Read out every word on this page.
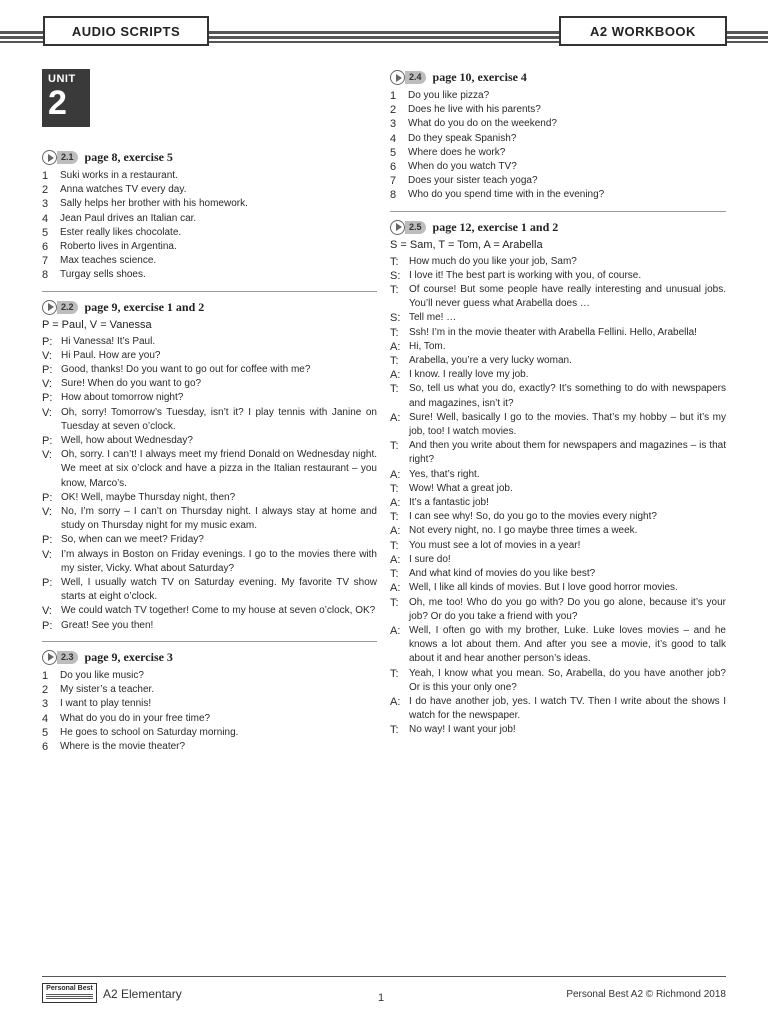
AUDIO SCRIPTS	A2 WORKBOOK
UNIT
2
2.1 page 8, exercise 5
1	Suki works in a restaurant.
2	Anna watches TV every day.
3	Sally helps her brother with his homework.
4	Jean Paul drives an Italian car.
5	Ester really likes chocolate.
6	Roberto lives in Argentina.
7	Max teaches science.
8	Turgay sells shoes.
2.2 page 9, exercise 1 and 2
P = Paul, V = Vanessa
P: Hi Vanessa! It’s Paul.
V: Hi Paul. How are you?
P: Good, thanks! Do you want to go out for coffee with me?
V: Sure! When do you want to go?
P: How about tomorrow night?
V: Oh, sorry! Tomorrow’s Tuesday, isn’t it? I play tennis with Janine on Tuesday at seven o’clock.
P: Well, how about Wednesday?
V: Oh, sorry. I can’t! I always meet my friend Donald on Wednesday night. We meet at six o’clock and have a pizza in the Italian restaurant – you know, Marco’s.
P: OK! Well, maybe Thursday night, then?
V: No, I’m sorry – I can’t on Thursday night. I always stay at home and study on Thursday night for my music exam.
P: So, when can we meet? Friday?
V: I’m always in Boston on Friday evenings. I go to the movies there with my sister, Vicky. What about Saturday?
P: Well, I usually watch TV on Saturday evening. My favorite TV show starts at eight o’clock.
V: We could watch TV together! Come to my house at seven o’clock, OK?
P: Great! See you then!
2.3 page 9, exercise 3
1	Do you like music?
2	My sister’s a teacher.
3	I want to play tennis!
4	What do you do in your free time?
5	He goes to school on Saturday morning.
6	Where is the movie theater?
2.4 page 10, exercise 4
1	Do you like pizza?
2	Does he live with his parents?
3	What do you do on the weekend?
4	Do they speak Spanish?
5	Where does he work?
6	When do you watch TV?
7	Does your sister teach yoga?
8	Who do you spend time with in the evening?
2.5 page 12, exercise 1 and 2
S = Sam, T = Tom, A = Arabella
T:	How much do you like your job, Sam?
S: I love it! The best part is working with you, of course.
T:	Of course! But some people have really interesting and unusual jobs. You’ll never guess what Arabella does …
S: Tell me! …
T:	Ssh! I’m in the movie theater with Arabella Fellini. Hello, Arabella!
A: Hi, Tom.
T:	Arabella, you’re a very lucky woman.
A: I know. I really love my job.
T:	So, tell us what you do, exactly? It’s something to do with newspapers and magazines, isn’t it?
A: Sure! Well, basically I go to the movies. That’s my hobby – but it’s my job, too! I watch movies.
T:	And then you write about them for newspapers and magazines – is that right?
A: Yes, that’s right.
T:	Wow! What a great job.
A: It’s a fantastic job!
T:	I can see why! So, do you go to the movies every night?
A: Not every night, no. I go maybe three times a week.
T:	You must see a lot of movies in a year!
A: I sure do!
T:	And what kind of movies do you like best?
A: Well, I like all kinds of movies. But I love good horror movies.
T:	Oh, me too! Who do you go with? Do you go alone, because it’s your job? Or do you take a friend with you?
A: Well, I often go with my brother, Luke. Luke loves movies – and he knows a lot about them. And after you see a movie, it’s good to talk about it and hear another person’s ideas.
T:	Yeah, I know what you mean. So, Arabella, do you have another job? Or is this your only one?
A: I do have another job, yes. I watch TV. Then I write about the shows I watch for the newspaper.
T:	No way! I want your job!
Personal Best A2 Elementary	1	Personal Best A2 © Richmond 2018
